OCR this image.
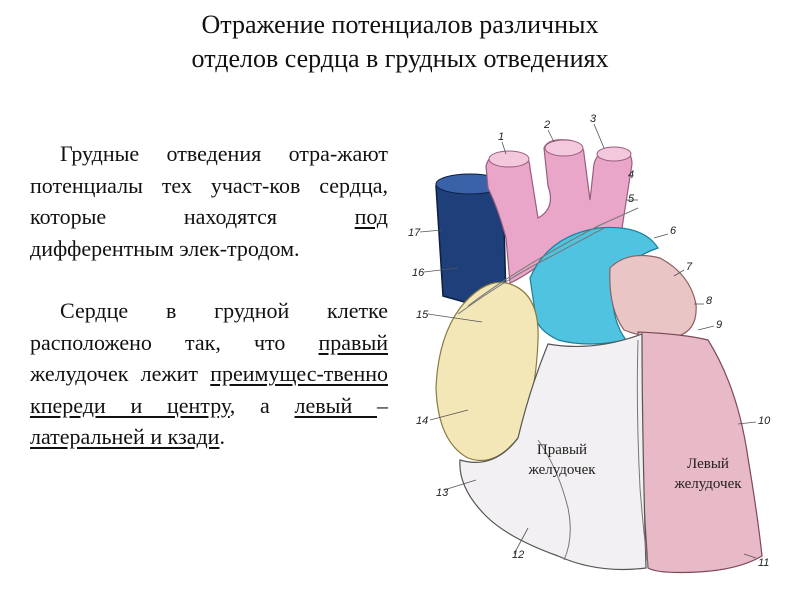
Отражение потенциалов различных
отделов сердца в грудных отведениях

Грудные отведения отра-жают потенциалы тех участ-ков сердца, которые находятся под дифферентным элек-тродом.

Сердце в грудной клетке расположено так, что правый желудочек лежит преимущес-твенно кпереди и центру, а левый – латеральней и кзади.

1
2	3
4
5
6
7
8
9
10
11
12
13
14
15
16
17
Правый
желудочек	Левый
желудочек
